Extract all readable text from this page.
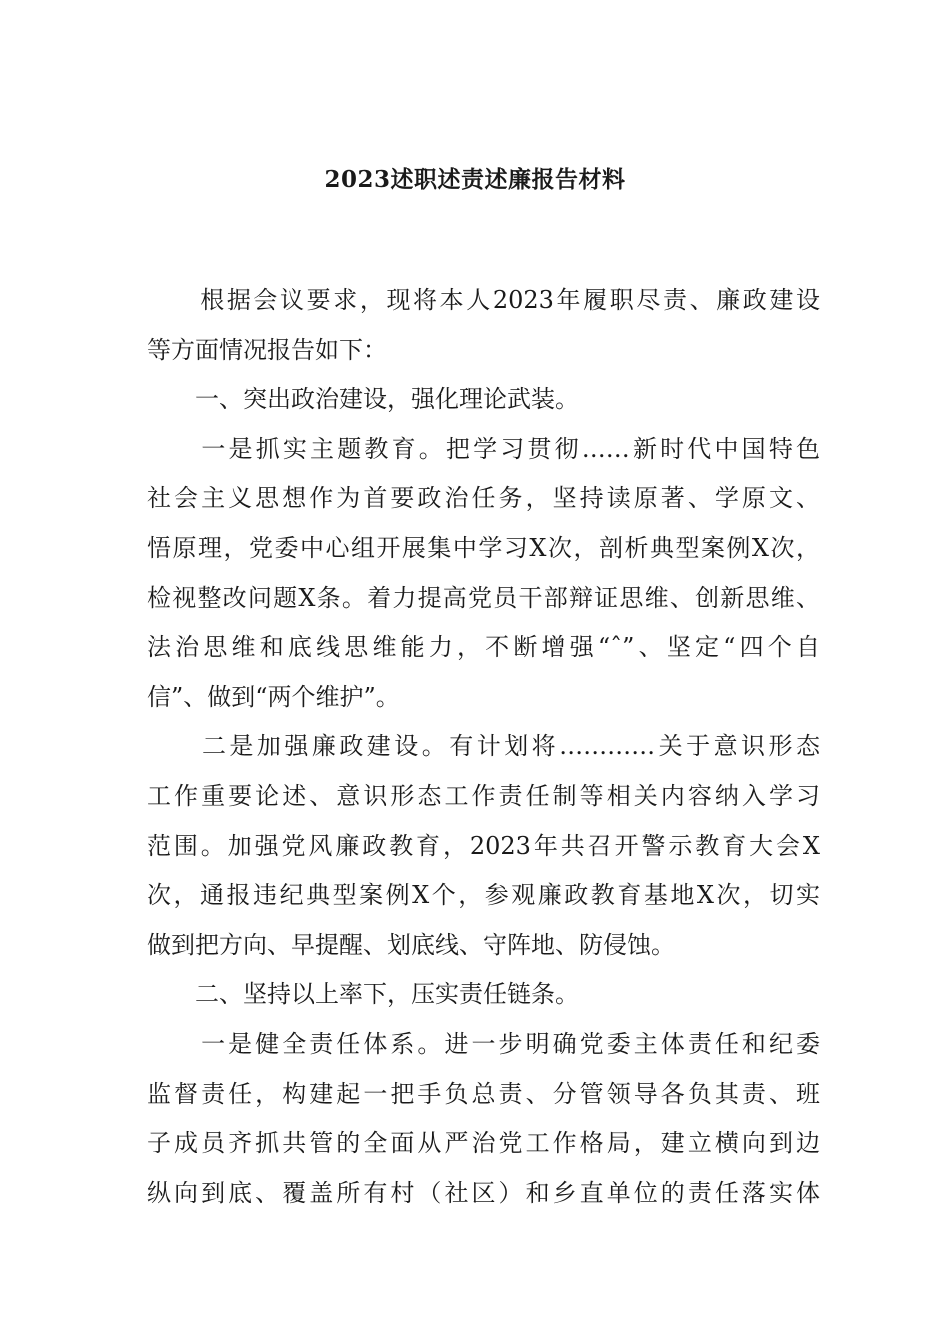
2023述职述责述廉报告材料
　　根据会议要求，现将本人2023年履职尽责、廉政建设
等方面情况报告如下：
　　一、突出政治建设，强化理论武装。
　　一是抓实主题教育。把学习贯彻……新时代中国特色
社会主义思想作为首要政治任务，坚持读原著、学原文、
悟原理，党委中心组开展集中学习X次，剖析典型案例X次，
检视整改问题X条。着力提高党员干部辩证思维、创新思维、
法治思维和底线思维能力，不断增强“ˆ”、坚定“四个自
信”、做到“两个维护”。
　　二是加强廉政建设。有计划将…………关于意识形态
工作重要论述、意识形态工作责任制等相关内容纳入学习
范围。加强党风廉政教育，2023年共召开警示教育大会X
次，通报违纪典型案例X个，参观廉政教育基地X次，切实
做到把方向、早提醒、划底线、守阵地、防侵蚀。
　　二、坚持以上率下，压实责任链条。
　　一是健全责任体系。进一步明确党委主体责任和纪委
监督责任，构建起一把手负总责、分管领导各负其责、班
子成员齐抓共管的全面从严治党工作格局，建立横向到边
纵向到底、覆盖所有村（社区）和乡直单位的责任落实体
